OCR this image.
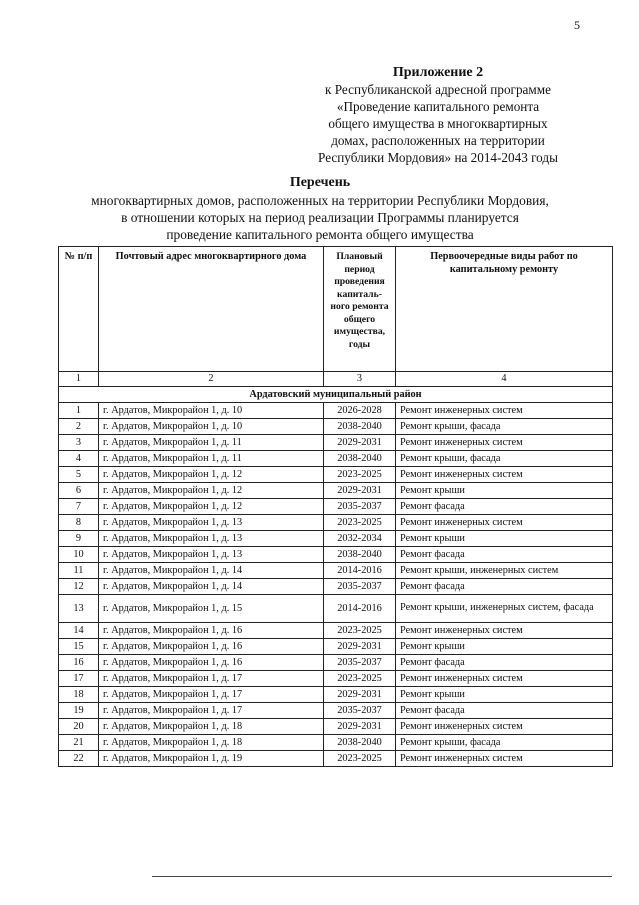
5
Приложение 2
к Республиканской адресной программе
«Проведение капитального ремонта
общего имущества в многоквартирных
домах, расположенных на территории
Республики Мордовия» на 2014-2043 годы
Перечень
многоквартирных домов, расположенных на территории Республики Мордовия,
в отношении которых на период реализации Программы планируется
проведение капитального ремонта общего имущества
№ п/п	Почтовый адрес многоквартирного дома	Плановый период проведения капиталь-ного ремонта общего имущества, годы	Первоочередные виды работ по капитальному ремонту
1	2	3	4
Ардатовский муниципальный район			
1	г. Ардатов, Микрорайон 1, д. 10	2026-2028	Ремонт инженерных систем
2	г. Ардатов, Микрорайон 1, д. 10	2038-2040	Ремонт крыши, фасада
3	г. Ардатов, Микрорайон 1, д. 11	2029-2031	Ремонт инженерных систем
4	г. Ардатов, Микрорайон 1, д. 11	2038-2040	Ремонт крыши, фасада
5	г. Ардатов, Микрорайон 1, д. 12	2023-2025	Ремонт инженерных систем
6	г. Ардатов, Микрорайон 1, д. 12	2029-2031	Ремонт крыши
7	г. Ардатов, Микрорайон 1, д. 12	2035-2037	Ремонт фасада
8	г. Ардатов, Микрорайон 1, д. 13	2023-2025	Ремонт инженерных систем
9	г. Ардатов, Микрорайон 1, д. 13	2032-2034	Ремонт крыши
10	г. Ардатов, Микрорайон 1, д. 13	2038-2040	Ремонт фасада
11	г. Ардатов, Микрорайон 1, д. 14	2014-2016	Ремонт крыши, инженерных систем
12	г. Ардатов, Микрорайон 1, д. 14	2035-2037	Ремонт фасада
13	г. Ардатов, Микрорайон 1, д. 15	2014-2016	Ремонт крыши, инженерных систем, фасада
14	г. Ардатов, Микрорайон 1, д. 16	2023-2025	Ремонт инженерных систем
15	г. Ардатов, Микрорайон 1, д. 16	2029-2031	Ремонт крыши
16	г. Ардатов, Микрорайон 1, д. 16	2035-2037	Ремонт фасада
17	г. Ардатов, Микрорайон 1, д. 17	2023-2025	Ремонт инженерных систем
18	г. Ардатов, Микрорайон 1, д. 17	2029-2031	Ремонт крыши
19	г. Ардатов, Микрорайон 1, д. 17	2035-2037	Ремонт фасада
20	г. Ардатов, Микрорайон 1, д. 18	2029-2031	Ремонт инженерных систем
21	г. Ардатов, Микрорайон 1, д. 18	2038-2040	Ремонт крыши, фасада
22	г. Ардатов, Микрорайон 1, д. 19	2023-2025	Ремонт инженерных систем
